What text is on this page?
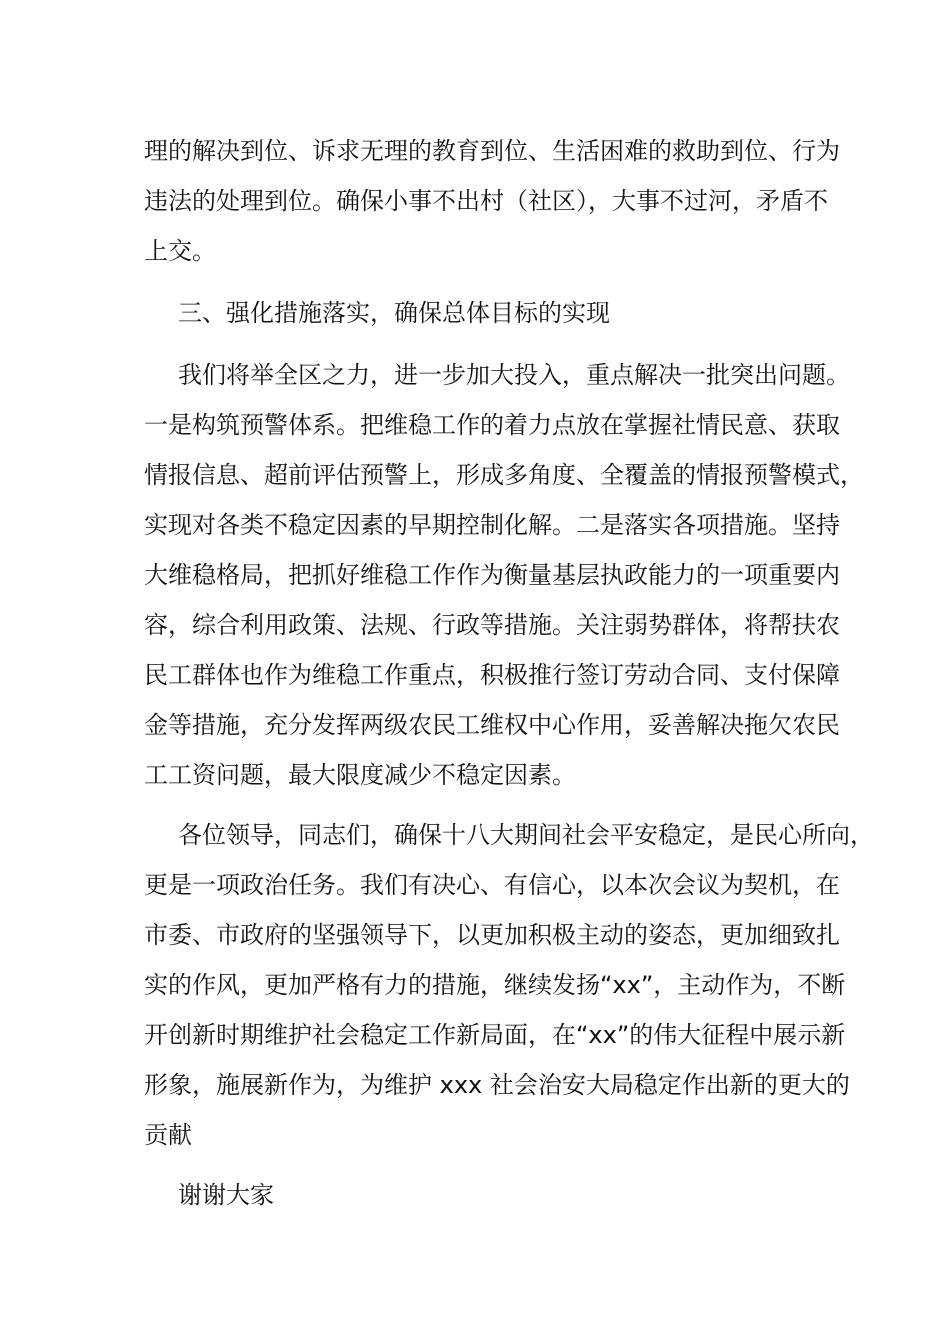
理的解决到位、诉求无理的教育到位、生活困难的救助到位、行为
违法的处理到位。确保小事不出村（社区），大事不过河，矛盾不
上交。
三、强化措施落实，确保总体目标的实现
我们将举全区之力，进一步加大投入，重点解决一批突出问题。
一是构筑预警体系。把维稳工作的着力点放在掌握社情民意、获取
情报信息、超前评估预警上，形成多角度、全覆盖的情报预警模式，
实现对各类不稳定因素的早期控制化解。二是落实各项措施。坚持
大维稳格局，把抓好维稳工作作为衡量基层执政能力的一项重要内
容，综合利用政策、法规、行政等措施。关注弱势群体，将帮扶农
民工群体也作为维稳工作重点，积极推行签订劳动合同、支付保障
金等措施，充分发挥两级农民工维权中心作用，妥善解决拖欠农民
工工资问题，最大限度减少不稳定因素。
各位领导，同志们，确保十八大期间社会平安稳定，是民心所向，
更是一项政治任务。我们有决心、有信心，以本次会议为契机，在
市委、市政府的坚强领导下，以更加积极主动的姿态，更加细致扎
实的作风，更加严格有力的措施，继续发扬“xx”，主动作为，不断
开创新时期维护社会稳定工作新局面，在“xx”的伟大征程中展示新
形象，施展新作为，为维护 xxx 社会治安大局稳定作出新的更大的
贡献
谢谢大家
